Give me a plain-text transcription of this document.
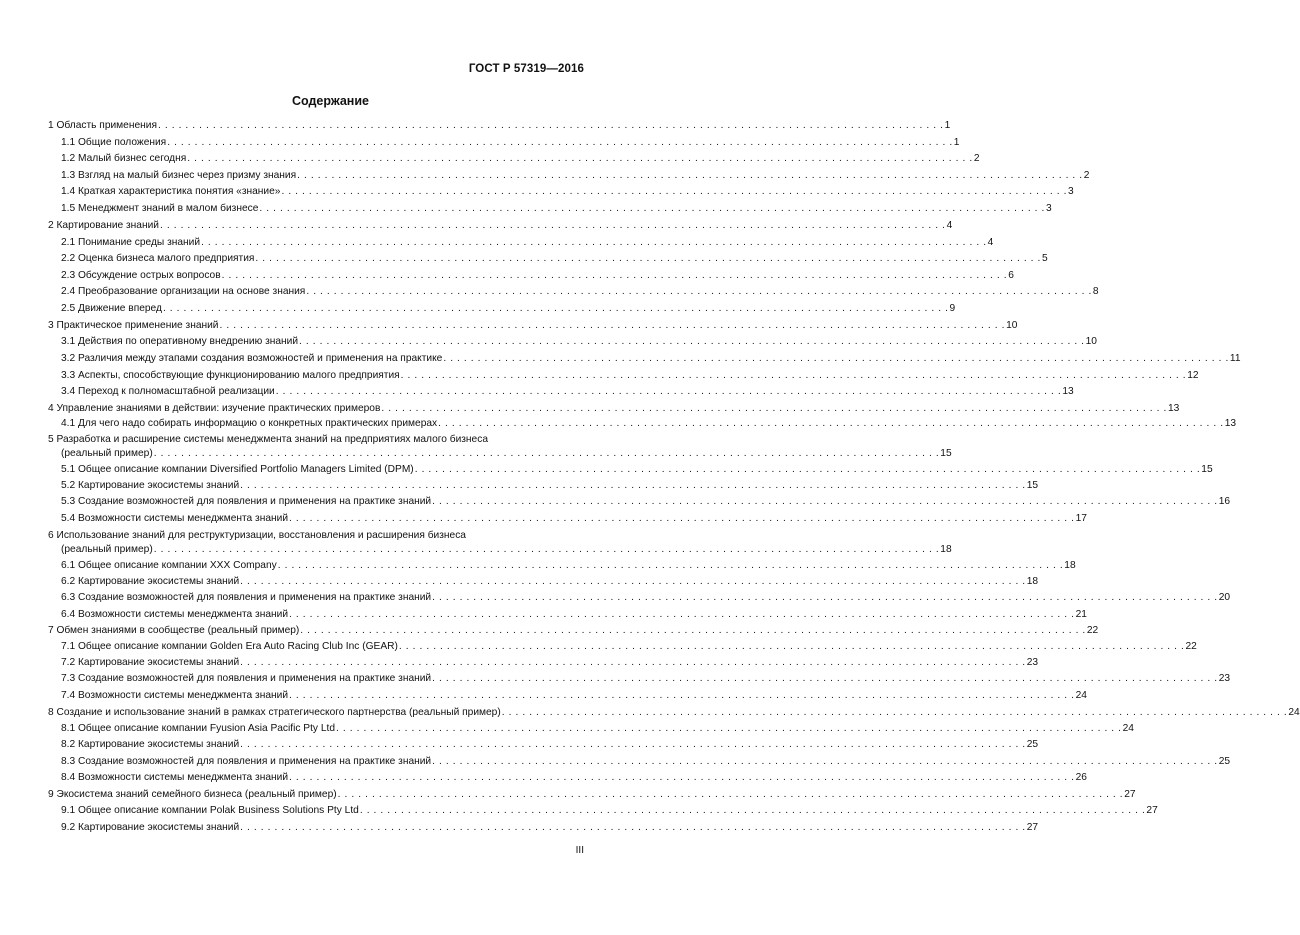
ГОСТ Р 57319—2016
Содержание
1 Область применения . . .	1
1.1 Общие положения . . .	1
1.2 Малый бизнес сегодня . . .	2
1.3 Взгляд на малый бизнес через призму знания . . .	2
1.4 Краткая характеристика понятия «знание» . . .	3
1.5 Менеджмент знаний в малом бизнесе . . .	3
2 Картирование знаний . . .	4
2.1 Понимание среды знаний . . .	4
2.2 Оценка бизнеса малого предприятия . . .	5
2.3 Обсуждение острых вопросов . . .	6
2.4 Преобразование организации на основе знания . . .	8
2.5 Движение вперед . . .	9
3 Практическое применение знаний . . .	10
3.1 Действия по оперативному внедрению знаний . . .	10
3.2 Различия между этапами создания возможностей и применения на практике . . .	11
3.3 Аспекты, способствующие функционированию малого предприятия . . .	12
3.4 Переход к полномасштабной реализации . . .	13
4 Управление знаниями в действии: изучение практических примеров . . .	13
4.1 Для чего надо собирать информацию о конкретных практических примерах . . .	13
5 Разработка и расширение системы менеджмента знаний на предприятиях малого бизнеса
(реальный пример) . . .	15
5.1 Общее описание компании Diversified Portfolio Managers Limited (DPM) . . .	15
5.2 Картирование экосистемы знаний . . .	15
5.3 Создание возможностей для появления и применения на практике знаний . . .	16
5.4 Возможности системы менеджмента знаний . . .	17
6 Использование знаний для реструктуризации, восстановления и расширения бизнеса
(реальный пример) . . .	18
6.1 Общее описание компании XXX Company . . .	18
6.2 Картирование экосистемы знаний . . .	18
6.3 Создание возможностей для появления и применения на практике знаний . . .	20
6.4 Возможности системы менеджмента знаний . . .	21
7 Обмен знаниями в сообществе (реальный пример) . . .	22
7.1 Общее описание компании Golden Era Auto Racing Club Inc (GEAR) . . .	22
7.2 Картирование экосистемы знаний . . .	23
7.3 Создание возможностей для появления и применения на практике знаний . . .	23
7.4 Возможности системы менеджмента знаний . . .	24
8 Создание и использование знаний в рамках стратегического партнерства (реальный пример) . . .	24
8.1 Общее описание компании Fyusion Asia Pacific Pty Ltd . . .	24
8.2 Картирование экосистемы знаний . . .	25
8.3 Создание возможностей для появления и применения на практике знаний . . .	25
8.4 Возможности системы менеджмента знаний . . .	26
9 Экосистема знаний семейного бизнеса (реальный пример) . . .	27
9.1 Общее описание компании Polak Business Solutions Pty Ltd . . .	27
9.2 Картирование экосистемы знаний . . .	27
III
